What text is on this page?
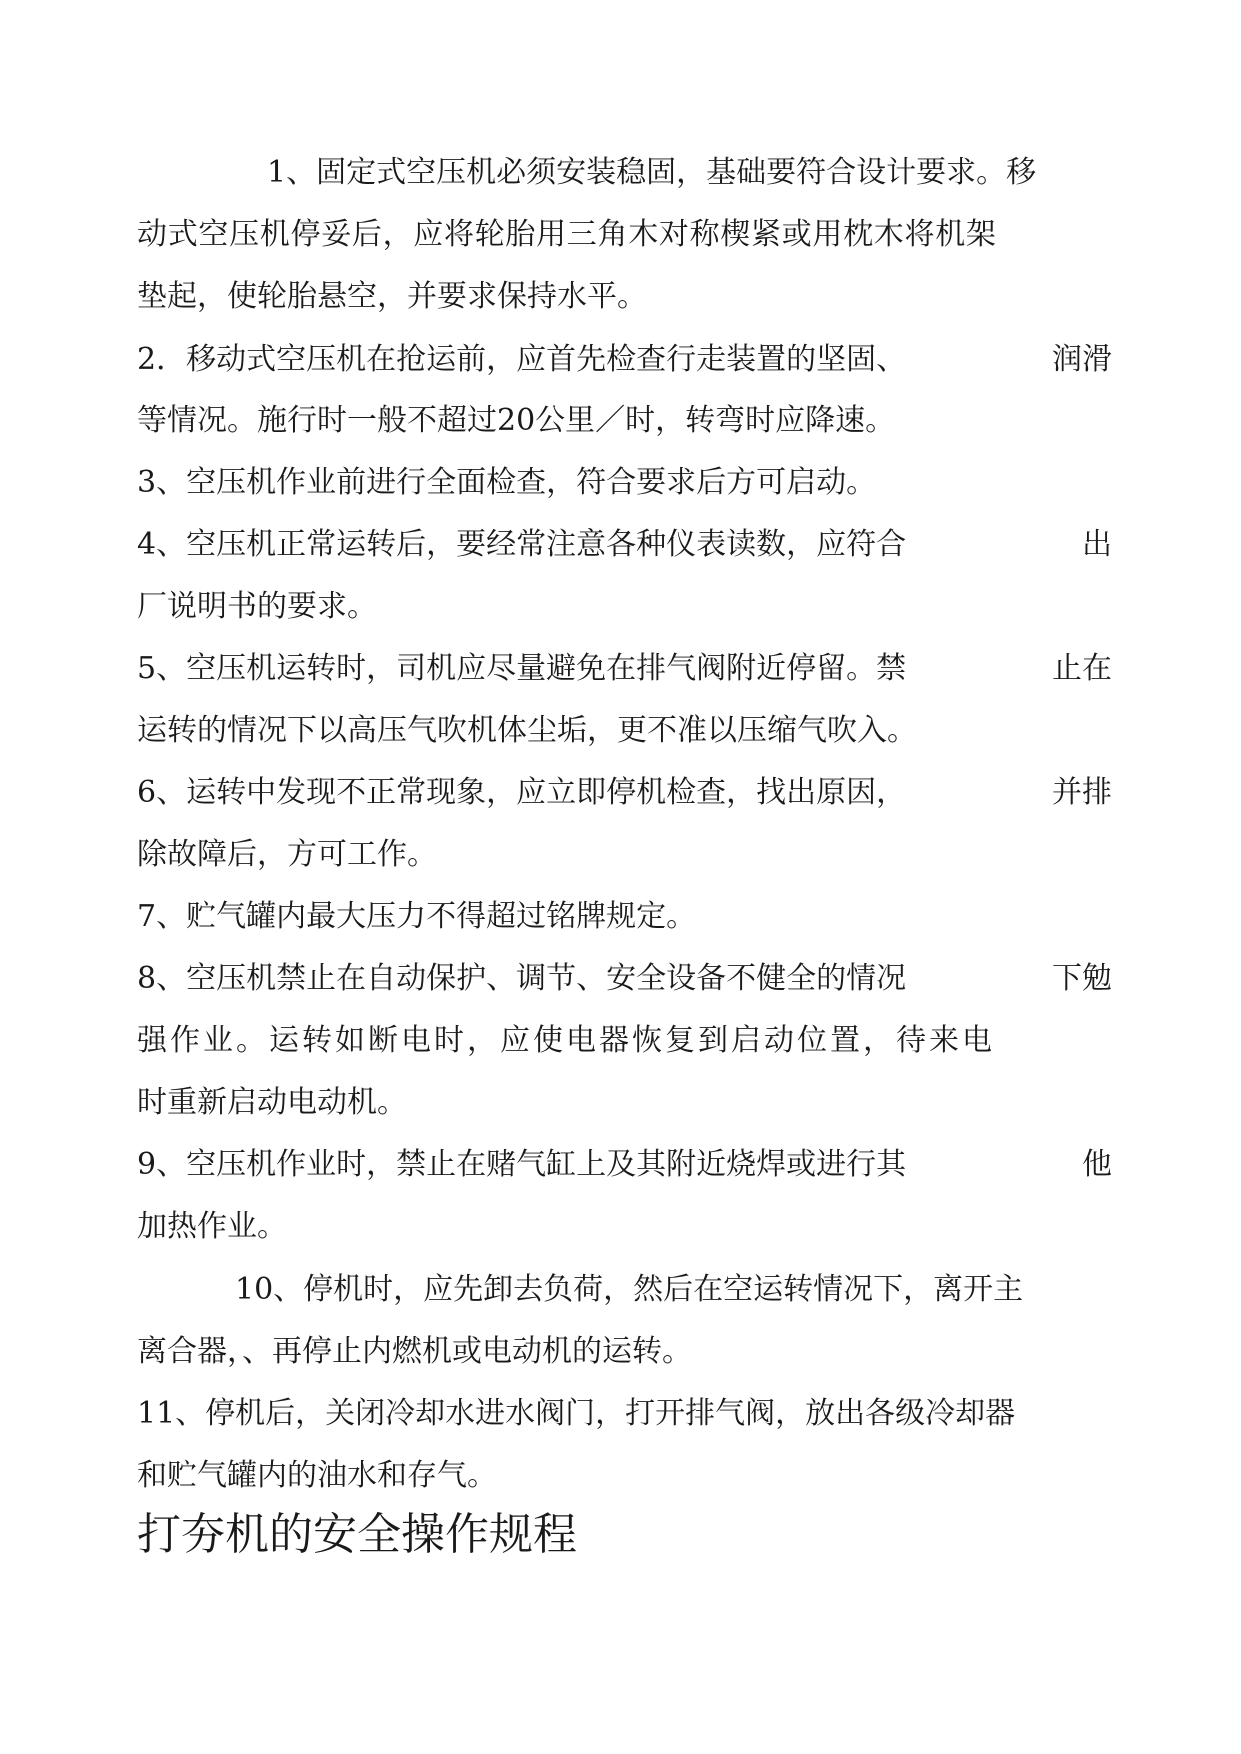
1、固定式空压机必须安装稳固，基础要符合设计要求。移
动式空压机停妥后，应将轮胎用三角木对称楔紧或用枕木将机架
垫起，使轮胎悬空，并要求保持水平。
2．移动式空压机在抢运前，应首先检查行走装置的坚固、	润滑
等情况。施行时一般不超过20公里／时，转弯时应降速。
3、空压机作业前进行全面检查，符合要求后方可启动。
4、空压机正常运转后，要经常注意各种仪表读数，应符合	出
厂说明书的要求。
5、空压机运转时，司机应尽量避免在排气阀附近停留。禁	止在
运转的情况下以高压气吹机体尘垢，更不准以压缩气吹入。
6、运转中发现不正常现象，应立即停机检查，找出原因，	并排
除故障后，方可工作。
7、贮气罐内最大压力不得超过铭牌规定。
8、空压机禁止在自动保护、调节、安全设备不健全的情况	下勉
强作业。运转如断电时，应使电器恢复到启动位置，待来电
时重新启动电动机。
9、空压机作业时，禁止在赌气缸上及其附近烧焊或进行其	他
加热作业。
10、停机时，应先卸去负荷，然后在空运转情况下，离开主
离合器，、再停止内燃机或电动机的运转。
11、停机后，关闭冷却水进水阀门，打开排气阀，放出各级冷却器
和贮气罐内的油水和存气。
打夯机的安全操作规程
